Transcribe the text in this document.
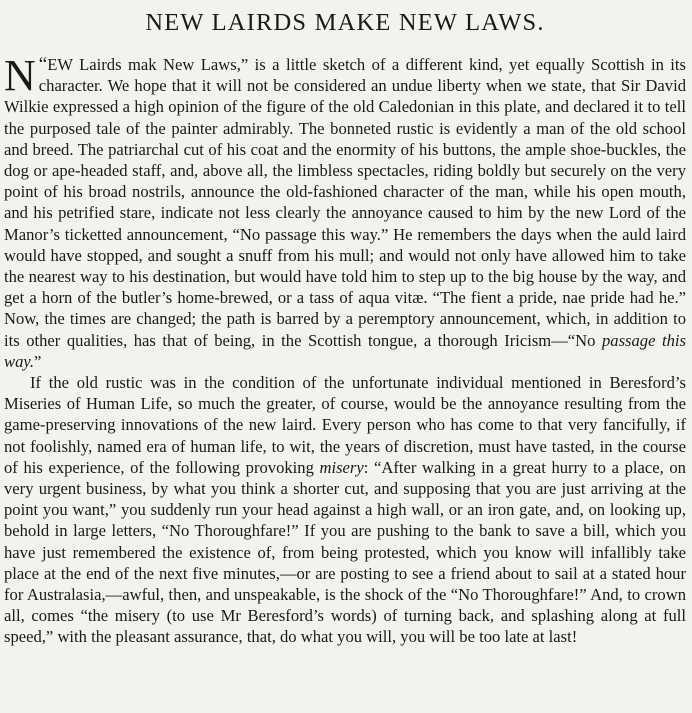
NEW LAIRDS MAKE NEW LAWS.

“
N EW Lairds mak New Laws,” is a little sketch of a different kind, yet equally Scottish in its character. We hope that it will not be considered an undue liberty when we state, that Sir David Wilkie expressed a high opinion of the figure of the old Caledonian in this plate, and declared it to tell the purposed tale of the painter admirably. The bonneted rustic is evidently a man of the old school and breed. The patriarchal cut of his coat and the enormity of his buttons, the ample shoe-buckles, the dog or ape-headed staff, and, above all, the limbless spectacles, riding boldly but securely on the very point of his broad nostrils, announce the old-fashioned character of the man, while his open mouth, and his petrified stare, indicate not less clearly the annoyance caused to him by the new Lord of the Manor’s ticketted announcement, “No passage this way.” He remembers the days when the auld laird would have stopped, and sought a snuff from his mull; and would not only have allowed him to take the nearest way to his destination, but would have told him to step up to the big house by the way, and get a horn of the butler’s home-brewed, or a tass of aqua vitæ. “The fient a pride, nae pride had he.” Now, the times are changed; the path is barred by a peremptory announcement, which, in addition to its other qualities, has that of being, in the Scottish tongue, a thorough Iricism—“No passage this way.”

If the old rustic was in the condition of the unfortunate individual mentioned in Beresford’s Miseries of Human Life, so much the greater, of course, would be the annoyance resulting from the game-preserving innovations of the new laird. Every person who has come to that very fancifully, if not foolishly, named era of human life, to wit, the years of discretion, must have tasted, in the course of his experience, of the following provoking misery: “After walking in a great hurry to a place, on very urgent business, by what you think a shorter cut, and supposing that you are just arriving at the point you want,” you suddenly run your head against a high wall, or an iron gate, and, on looking up, behold in large letters, “No Thoroughfare!” If you are pushing to the bank to save a bill, which you have just remembered the existence of, from being protested, which you know will infallibly take place at the end of the next five minutes,—or are posting to see a friend about to sail at a stated hour for Australasia,—awful, then, and unspeakable, is the shock of the “No Thoroughfare!” And, to crown all, comes “the misery (to use Mr Beresford’s words) of turning back, and splashing along at full speed,” with the pleasant assurance, that, do what you will, you will be too late at last!
